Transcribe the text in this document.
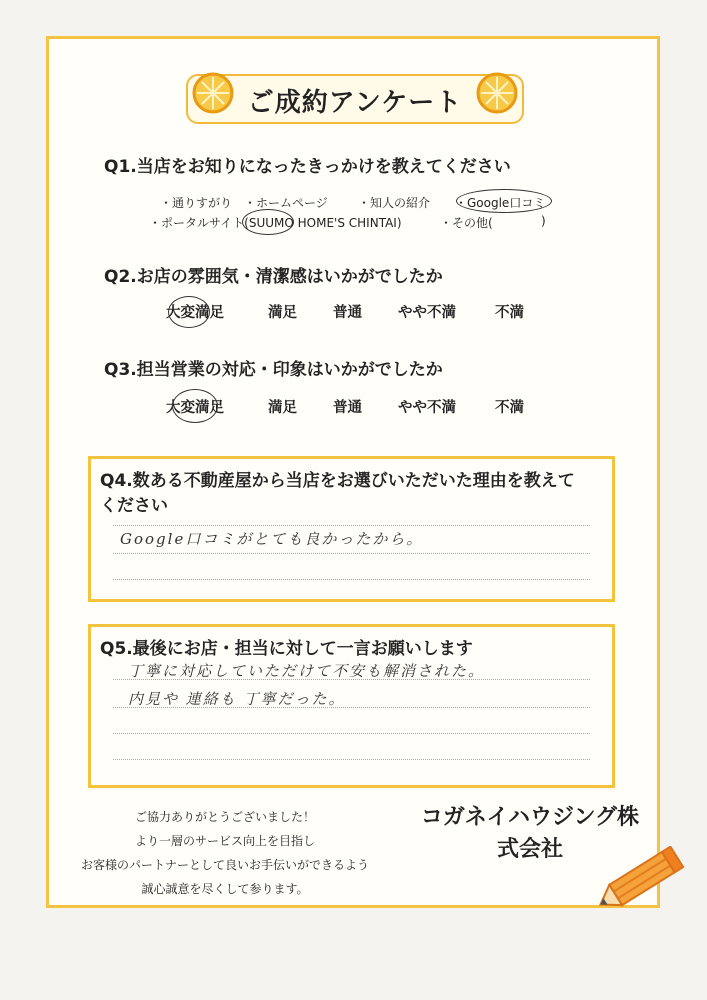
ご成約アンケート
Q1.当店をお知りになったきっかけを教えてください
・通りすがり ・ホームページ	・知人の紹介 ・Google口コミ
・ポータルサイト(SUUMO HOME'S CHINTAI)	・その他(	)
Q2.お店の雰囲気・清潔感はいかがでしたか
大変満足	満足 普通 やや不満	不満
Q3.担当営業の対応・印象はいかがでしたか
大変満足	満足 普通 やや不満	不満
Q4.数ある不動産屋から当店をお選びいただいた理由を教えて
ください
Google口コミがとても良かったから。
Q5.最後にお店・担当に対して一言お願いします
丁寧に対応していただけて不安も解消された。
内見や 連絡も 丁寧だった。
ご協力ありがとうございました！
より一層のサービス向上を目指し
お客様のパートナーとして良いお手伝いができるよう
誠心誠意を尽くして参ります。
コガネイハウジング株
式会社
